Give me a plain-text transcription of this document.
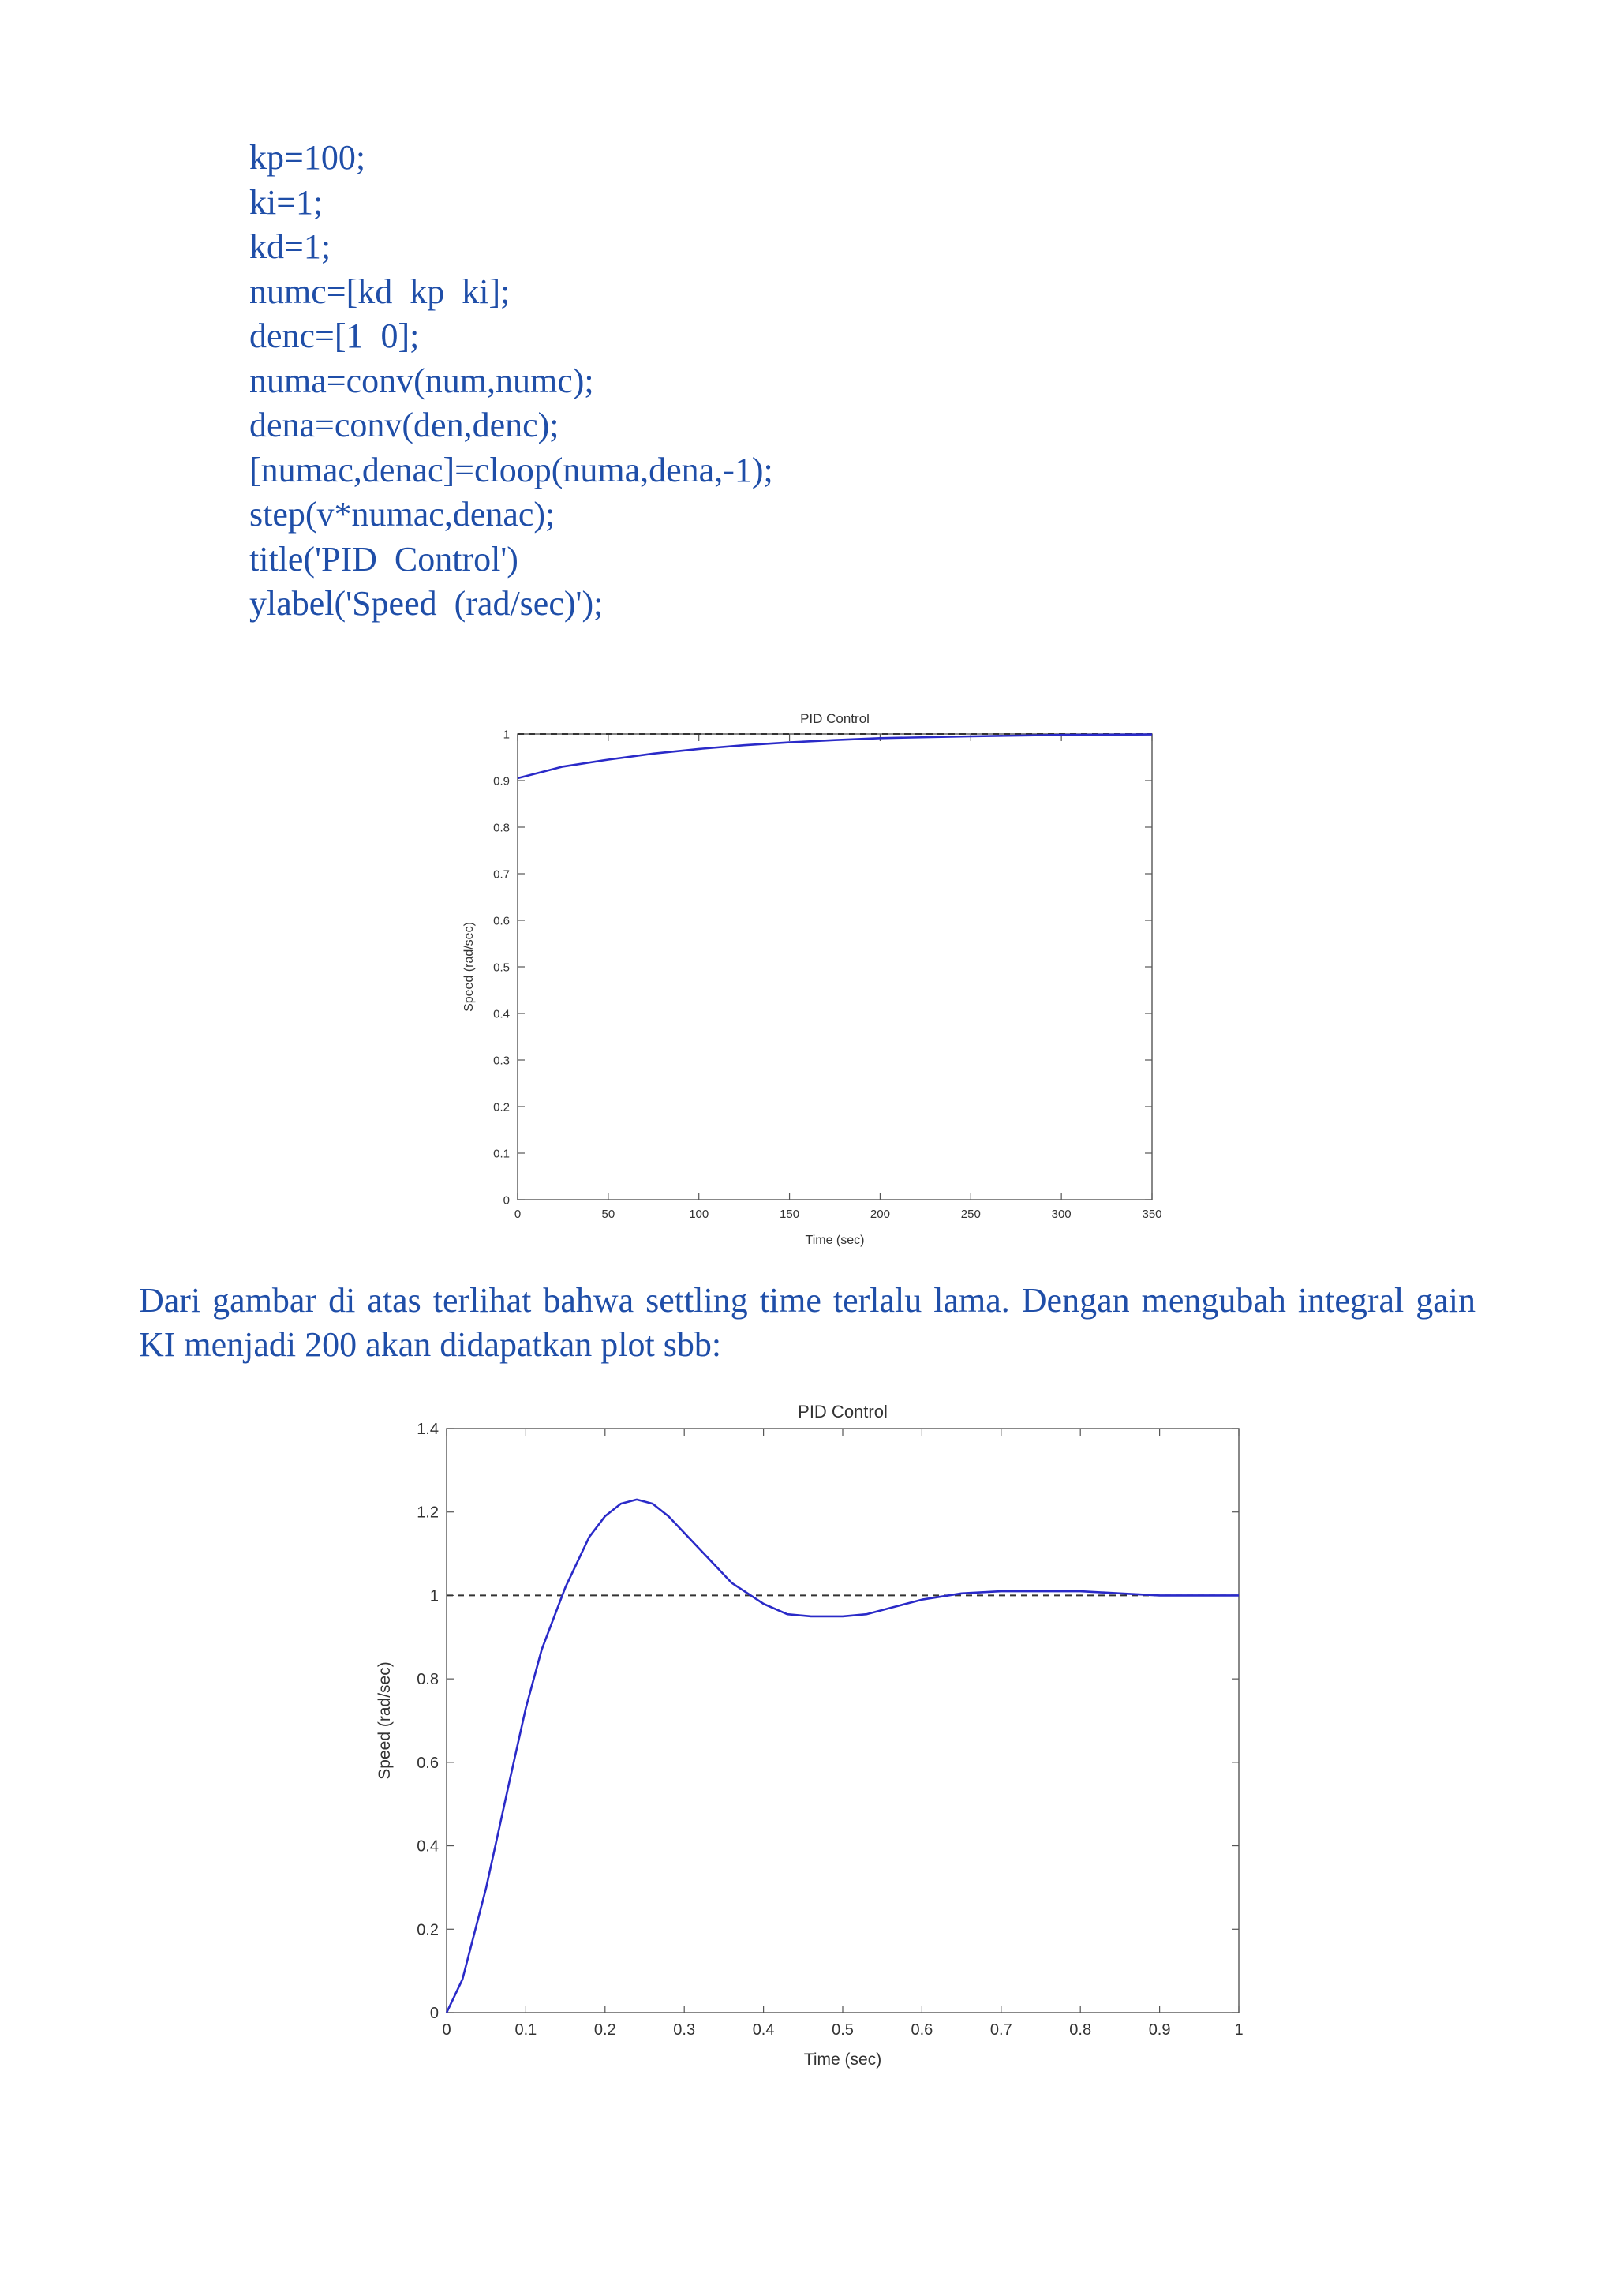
kp=100;
ki=1;
kd=1;
numc=[kd  kp  ki];
denc=[1  0];
numa=conv(num,numc);
dena=conv(den,denc);
[numac,denac]=cloop(numa,dena,-1);
step(v*numac,denac);
title('PID  Control')
ylabel('Speed  (rad/sec)');
0	50	100	150	200	250	300	350
0
0.1
0.2
0.3
0.4
0.5
0.6
0.7
0.8
0.9
1
PID Control
Time (sec)
Speed (rad/sec)

Dari gambar di atas terlihat bahwa settling time terlalu lama. Dengan mengubah integral gain KI menjadi 200 akan didapatkan plot sbb:

0	0.1	0.2	0.3	0.4	0.5	0.6	0.7	0.8	0.9	1
0
0.2
0.4
0.6
0.8
1
1.2
1.4
PID Control
Time (sec)
Speed (rad/sec)
